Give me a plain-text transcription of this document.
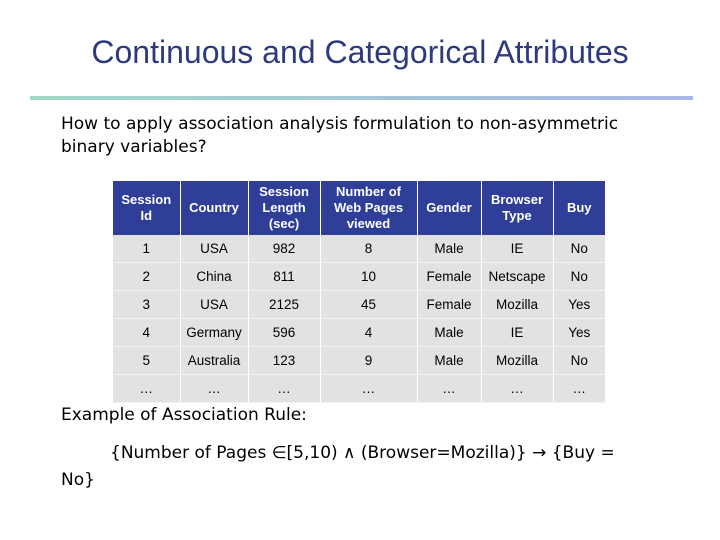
Continuous and Categorical Attributes
How to apply association analysis formulation to non-asymmetric binary variables?
Session Id	Country	Session Length (sec)	Number of Web Pages viewed	Gender	Browser Type	Buy
1	USA	982	8	Male	IE	No
2	China	811	10	Female	Netscape	No
3	USA	2125	45	Female	Mozilla	Yes
4	Germany	596	4	Male	IE	Yes
5	Australia	123	9	Male	Mozilla	No
…	…	…	…	…	…	…
Example of Association Rule:
{Number of Pages ∈[5,10) ∧ (Browser=Mozilla)} → {Buy =
No}
